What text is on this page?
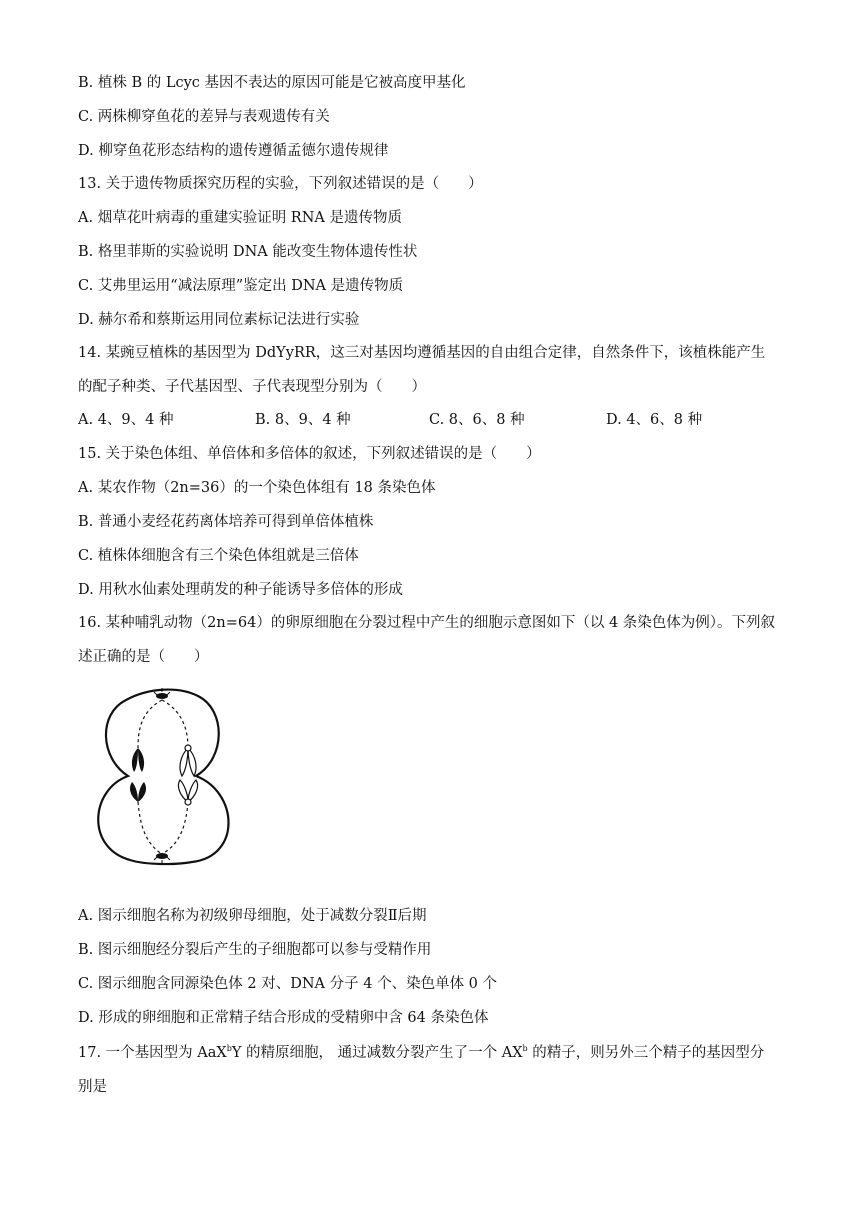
B. 植株 B 的 Lcyc 基因不表达的原因可能是它被高度甲基化
C. 两株柳穿鱼花的差异与表观遗传有关
D. 柳穿鱼花形态结构的遗传遵循孟德尔遗传规律
13. 关于遗传物质探究历程的实验，下列叙述错误的是（　　）
A. 烟草花叶病毒的重建实验证明 RNA 是遗传物质
B. 格里菲斯的实验说明 DNA 能改变生物体遗传性状
C. 艾弗里运用“减法原理”鉴定出 DNA 是遗传物质
D. 赫尔希和蔡斯运用同位素标记法进行实验
14. 某豌豆植株的基因型为 DdYyRR，这三对基因均遵循基因的自由组合定律，自然条件下，该植株能产生
的配子种类、子代基因型、子代表现型分别为（　　）
A. 4、9、4 种	B. 8、9、4 种	C. 8、6、8 种	D. 4、6、8 种
15. 关于染色体组、单倍体和多倍体的叙述，下列叙述错误的是（　　）
A. 某农作物（2n=36）的一个染色体组有 18 条染色体
B. 普通小麦经花药离体培养可得到单倍体植株
C. 植株体细胞含有三个染色体组就是三倍体
D. 用秋水仙素处理萌发的种子能诱导多倍体的形成
16. 某种哺乳动物（2n=64）的卵原细胞在分裂过程中产生的细胞示意图如下（以 4 条染色体为例）。下列叙
述正确的是（　　）
A. 图示细胞名称为初级卵母细胞，处于减数分裂Ⅱ后期
B. 图示细胞经分裂后产生的子细胞都可以参与受精作用
C. 图示细胞含同源染色体 2 对、DNA 分子 4 个、染色单体 0 个
D. 形成的卵细胞和正常精子结合形成的受精卵中含 64 条染色体
17. 一个基因型为 AaX$^b$Y 的精原细胞， 通过减数分裂产生了一个 $AX^b$ 的精子，则另外三个精子的基因型分
别是
